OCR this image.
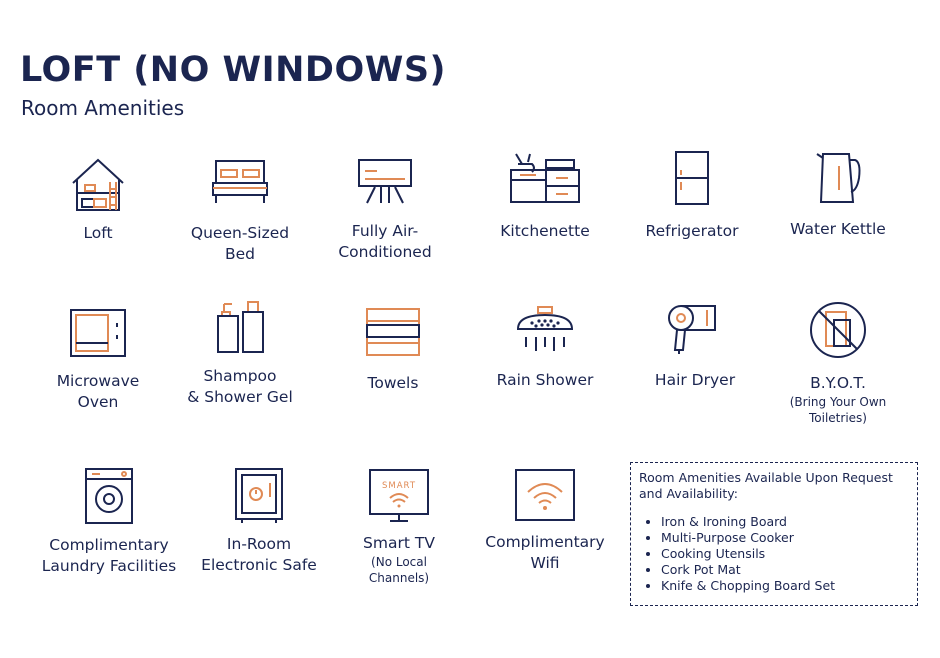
LOFT (NO WINDOWS)
Room Amenities
Loft	Queen-Sized
Bed
Fully Air-
Conditioned
Kitchenette	Refrigerator	Water Kettle
Microwave
Oven
Shampoo
& Shower Gel
Towels	Rain Shower	Hair Dryer	B.Y.O.T.
(Bring Your Own
Toiletries)
Complimentary
Laundry Facilities
In-Room
Electronic Safe
SMART
Smart TV
(No Local
Channels)
Complimentary
Wifi
Room Amenities Available Upon Request and Availability:
• Iron & Ironing Board
• Multi-Purpose Cooker
• Cooking Utensils
• Cork Pot Mat
• Knife & Chopping Board Set
